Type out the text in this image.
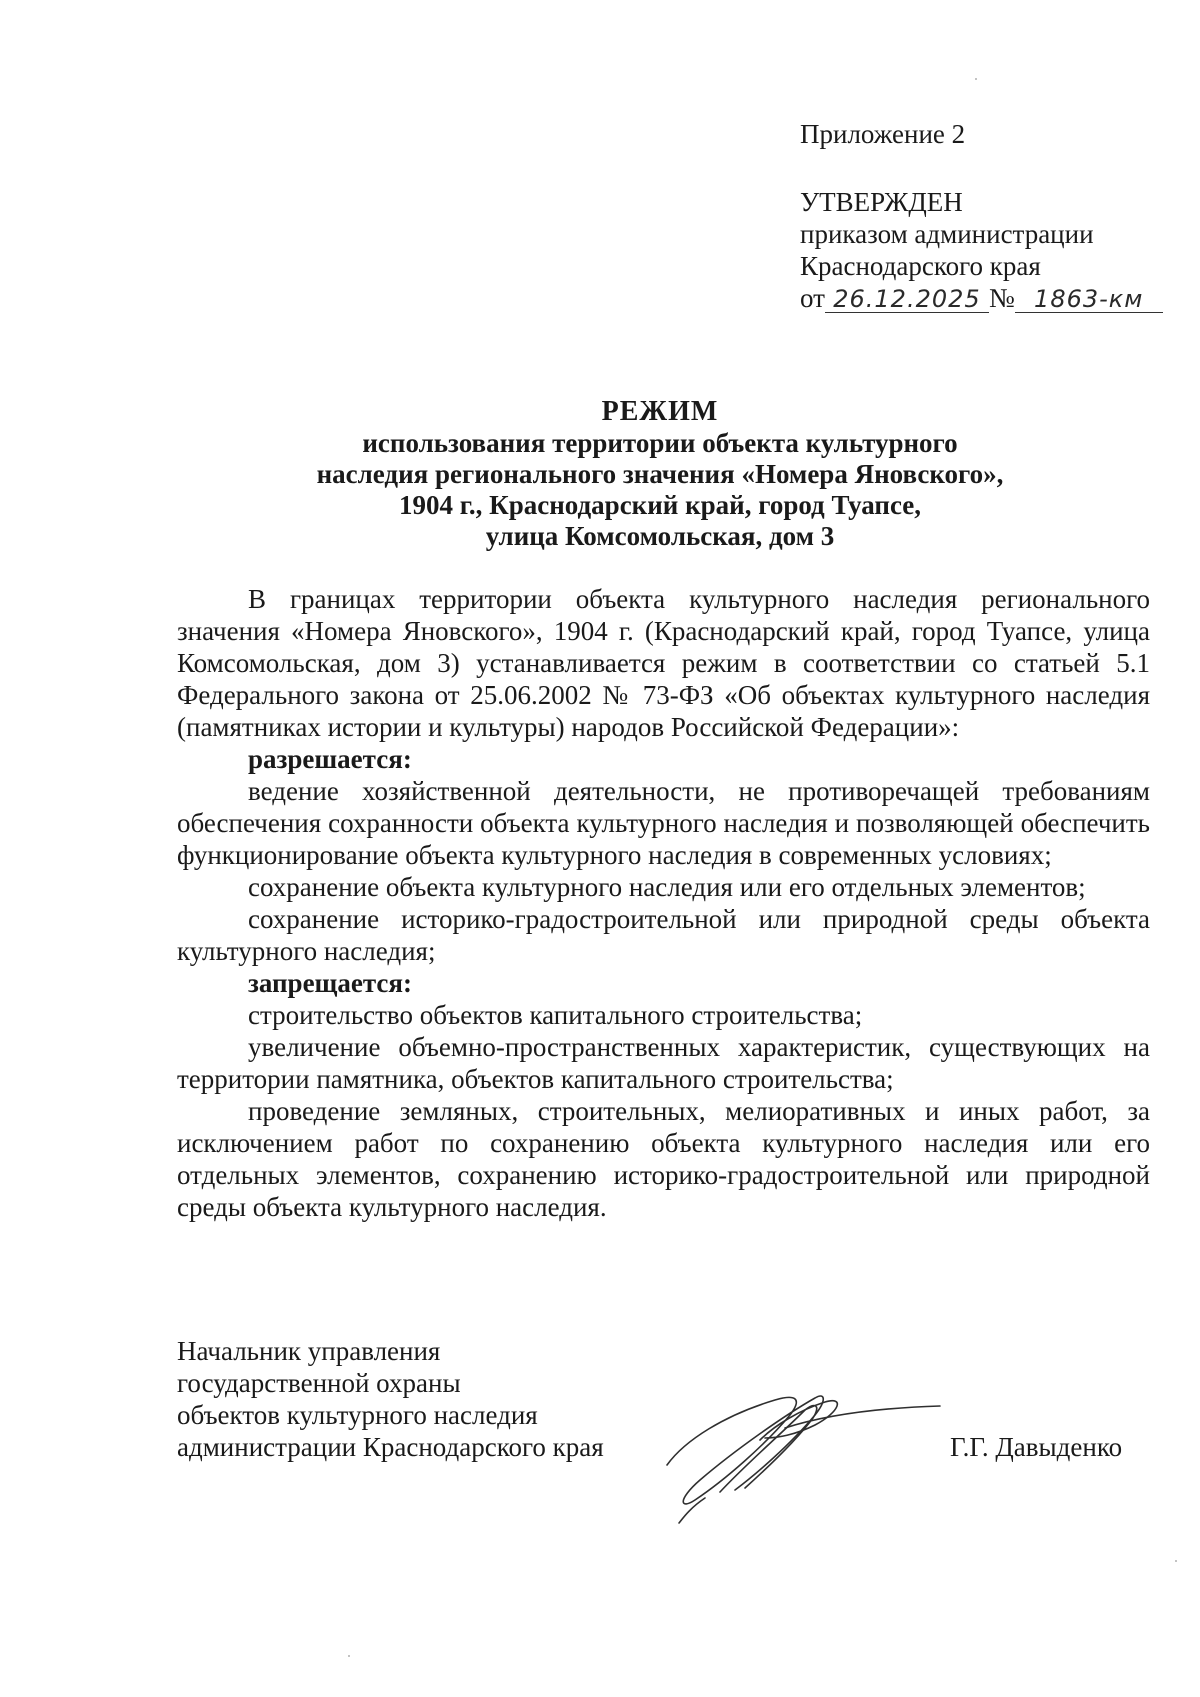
Приложение 2
УТВЕРЖДЕН
приказом администрации
Краснодарского края
от 26.12.2025 № 1863-км
РЕЖИМ
использования территории объекта культурного
наследия регионального значения «Номера Яновского»,
1904 г., Краснодарский край, город Туапсе,
улица Комсомольская, дом 3

В границах территории объекта культурного наследия регионального значения «Номера Яновского», 1904 г. (Краснодарский край, город Туапсе, улица Комсомольская, дом 3) устанавливается режим в соответствии со статьей 5.1 Федерального закона от 25.06.2002 № 73-ФЗ «Об объектах культурного наследия (памятниках истории и культуры) народов Российской Федерации»:

разрешается:

ведение хозяйственной деятельности, не противоречащей требованиям обеспечения сохранности объекта культурного наследия и позволяющей обеспечить функционирование объекта культурного наследия в современных условиях;

сохранение объекта культурного наследия или его отдельных элементов;

сохранение историко-градостроительной или природной среды объекта культурного наследия;

запрещается:

строительство объектов капитального строительства;

увеличение объемно-пространственных характеристик, существующих на территории памятника, объектов капитального строительства;

проведение земляных, строительных, мелиоративных и иных работ, за исключением работ по сохранению объекта культурного наследия или его отдельных элементов, сохранению историко-градостроительной или природной среды объекта культурного наследия.

Начальник управления
государственной охраны
объектов культурного наследия
администрации Краснодарского края	Г.Г. Давыденко
